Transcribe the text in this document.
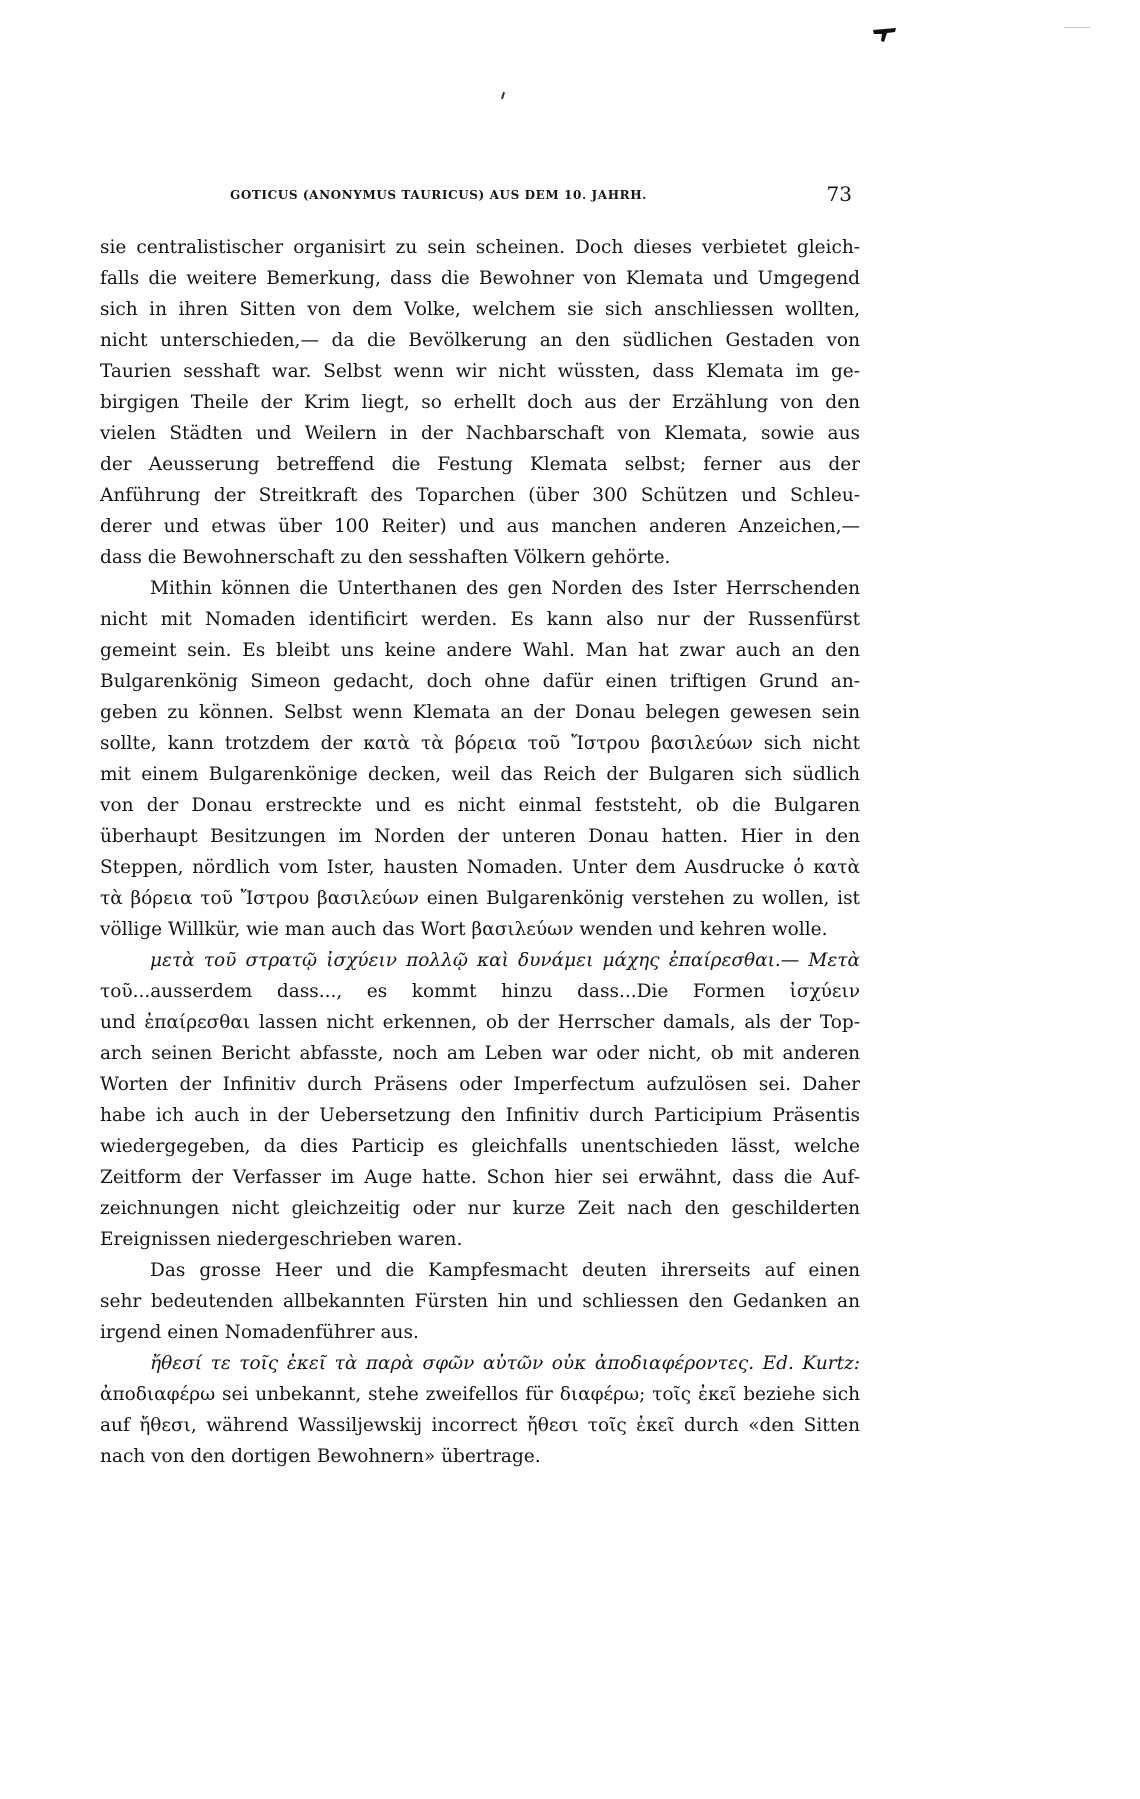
GOTICUS (ANONYMUS TAURICUS) AUS DEM 10. JAHRH.	73
sie centralistischer organisirt zu sein scheinen. Doch dieses verbietet gleich-
falls die weitere Bemerkung, dass die Bewohner von Klemata und Umgegend
sich in ihren Sitten von dem Volke, welchem sie sich anschliessen wollten,
nicht unterschieden,— da die Bevölkerung an den südlichen Gestaden von
Taurien sesshaft war. Selbst wenn wir nicht wüssten, dass Klemata im ge-
birgigen Theile der Krim liegt, so erhellt doch aus der Erzählung von den
vielen Städten und Weilern in der Nachbarschaft von Klemata, sowie aus
der Aeusserung betreffend die Festung Klemata selbst; ferner aus der
Anführung der Streitkraft des Toparchen (über 300 Schützen und Schleu-
derer und etwas über 100 Reiter) und aus manchen anderen Anzeichen,—
dass die Bewohnerschaft zu den sesshaften Völkern gehörte.
Mithin können die Unterthanen des gen Norden des Ister Herrschenden
nicht mit Nomaden identificirt werden. Es kann also nur der Russenfürst
gemeint sein. Es bleibt uns keine andere Wahl. Man hat zwar auch an den
Bulgarenkönig Simeon gedacht, doch ohne dafür einen triftigen Grund an-
geben zu können. Selbst wenn Klemata an der Donau belegen gewesen sein
sollte, kann trotzdem der κατὰ τὰ βόρεια τοῦ Ἴστρου βασιλεύων sich nicht
mit einem Bulgarenkönige decken, weil das Reich der Bulgaren sich südlich
von der Donau erstreckte und es nicht einmal feststeht, ob die Bulgaren
überhaupt Besitzungen im Norden der unteren Donau hatten. Hier in den
Steppen, nördlich vom Ister, hausten Nomaden. Unter dem Ausdrucke ὁ κατὰ
τὰ βόρεια τοῦ Ἴστρου βασιλεύων einen Bulgarenkönig verstehen zu wollen, ist
völlige Willkür, wie man auch das Wort βασιλεύων wenden und kehren wolle.
μετὰ τοῦ στρατῷ ἰσχύειν πολλῷ καὶ δυνάμει μάχης ἐπαίρεσθαι.— Μετὰ
τοῦ...ausserdem dass..., es kommt hinzu dass...Die Formen ἰσχύειν
und ἐπαίρεσθαι lassen nicht erkennen, ob der Herrscher damals, als der Top-
arch seinen Bericht abfasste, noch am Leben war oder nicht, ob mit anderen
Worten der Infinitiv durch Präsens oder Imperfectum aufzulösen sei. Daher
habe ich auch in der Uebersetzung den Infinitiv durch Participium Präsentis
wiedergegeben, da dies Particip es gleichfalls unentschieden lässt, welche
Zeitform der Verfasser im Auge hatte. Schon hier sei erwähnt, dass die Auf-
zeichnungen nicht gleichzeitig oder nur kurze Zeit nach den geschilderten
Ereignissen niedergeschrieben waren.
Das grosse Heer und die Kampfesmacht deuten ihrerseits auf einen
sehr bedeutenden allbekannten Fürsten hin und schliessen den Gedanken an
irgend einen Nomadenführer aus.
ἤθεσί τε τοῖς ἐκεῖ τὰ παρὰ σφῶν αὐτῶν οὐκ ἀποδιαφέροντες. Ed. Kurtz:
ἀποδιαφέρω sei unbekannt, stehe zweifellos für διαφέρω; τοῖς ἐκεῖ beziehe sich
auf ἤθεσι, während Wassiljewskij incorrect ἤθεσι τοῖς ἐκεῖ durch «den Sitten
nach von den dortigen Bewohnern» übertrage.
